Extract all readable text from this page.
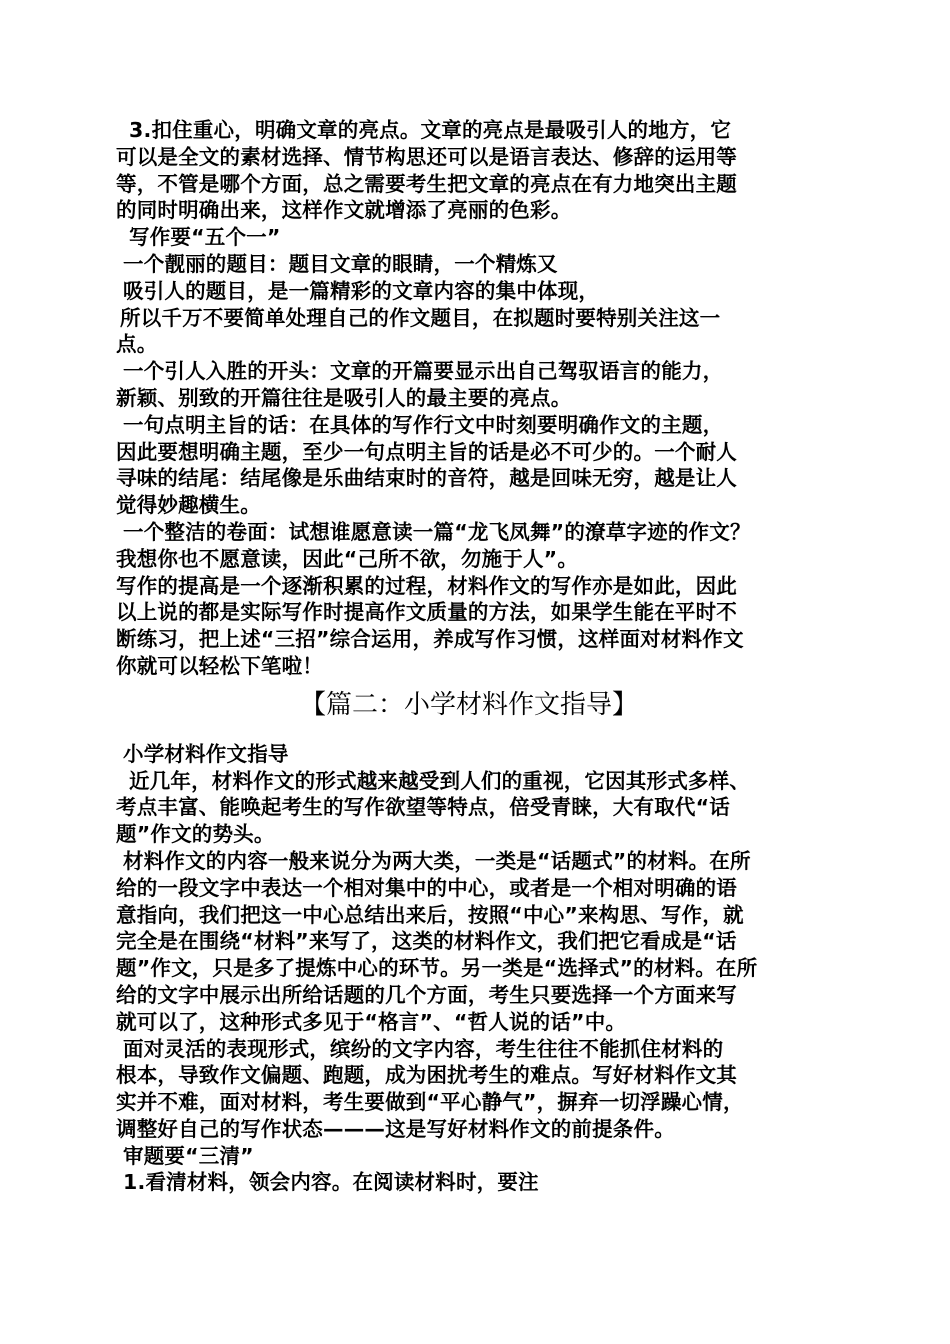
3.扣住重心，明确文章的亮点。文章的亮点是最吸引人的地方，它
可以是全文的素材选择、情节构思还可以是语言表达、修辞的运用等
等，不管是哪个方面，总之需要考生把文章的亮点在有力地突出主题
的同时明确出来，这样作文就增添了亮丽的色彩。
写作要“五个一”
一个靓丽的题目：题目文章的眼睛，一个精炼又
吸引人的题目，是一篇精彩的文章内容的集中体现，
所以千万不要简单处理自己的作文题目，在拟题时要特别关注这一
点。
一个引人入胜的开头：文章的开篇要显示出自己驾驭语言的能力，
新颖、别致的开篇往往是吸引人的最主要的亮点。
一句点明主旨的话：在具体的写作行文中时刻要明确作文的主题，
因此要想明确主题，至少一句点明主旨的话是必不可少的。一个耐人
寻味的结尾：结尾像是乐曲结束时的音符，越是回味无穷，越是让人
觉得妙趣横生。
一个整洁的卷面：试想谁愿意读一篇“龙飞凤舞”的潦草字迹的作文？
我想你也不愿意读，因此“己所不欲，勿施于人”。
写作的提高是一个逐渐积累的过程，材料作文的写作亦是如此，因此
以上说的都是实际写作时提高作文质量的方法，如果学生能在平时不
断练习，把上述“三招”综合运用，养成写作习惯，这样面对材料作文
你就可以轻松下笔啦！
【篇二：小学材料作文指导】
小学材料作文指导
近几年，材料作文的形式越来越受到人们的重视，它因其形式多样、
考点丰富、能唤起考生的写作欲望等特点，倍受青睐，大有取代“话
题”作文的势头。
材料作文的内容一般来说分为两大类，一类是“话题式”的材料。在所
给的一段文字中表达一个相对集中的中心，或者是一个相对明确的语
意指向，我们把这一中心总结出来后，按照“中心”来构思、写作，就
完全是在围绕“材料”来写了，这类的材料作文，我们把它看成是“话
题”作文，只是多了提炼中心的环节。另一类是“选择式”的材料。在所
给的文字中展示出所给话题的几个方面，考生只要选择一个方面来写
就可以了，这种形式多见于“格言”、“哲人说的话”中。
面对灵活的表现形式，缤纷的文字内容，考生往往不能抓住材料的
根本，导致作文偏题、跑题，成为困扰考生的难点。写好材料作文其
实并不难，面对材料，考生要做到“平心静气”，摒弃一切浮躁心情，
调整好自己的写作状态———这是写好材料作文的前提条件。
审题要“三清”
1.看清材料，领会内容。在阅读材料时，要注
